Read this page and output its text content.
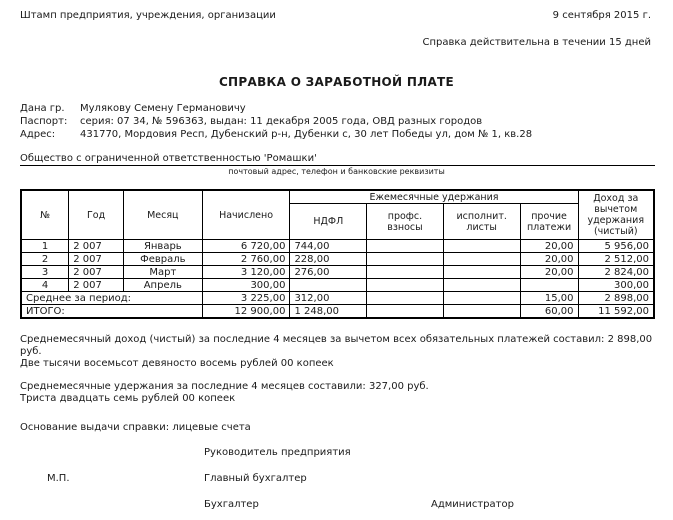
Штамп предприятия, учреждения, организации	9 сентября 2015 г.
Справка действительна в течении 15 дней
СПРАВКА О ЗАРАБОТНОЙ ПЛАТЕ
Дана гр. Мулякову Семену Германовичу
Паспорт: серия: 07 34, № 596363, выдан: 11 декабря 2005 года, ОВД разных городов
Адрес: 431770, Мордовия Респ, Дубенский р-н, Дубенки с, 30 лет Победы ул, дом № 1, кв.28
Общество с ограниченной ответственностью 'Ромашки'
почтовый адрес, телефон и банковские реквизиты
№	Год	Месяц	Начислено	Ежемесячные удержания				Доход за вычетом удержания (чистый)
				НДФЛ	профс. взносы	исполнит. листы	прочие платежи	
1	2 007	Январь	6 720,00	744,00			20,00	5 956,00
2	2 007	Февраль	2 760,00	228,00			20,00	2 512,00
3	2 007	Март	3 120,00	276,00			20,00	2 824,00
4	2 007	Апрель	300,00					300,00
Среднее за период:			3 225,00	312,00			15,00	2 898,00
ИТОГО:			12 900,00	1 248,00			60,00	11 592,00
Среднемесячный доход (чистый) за последние 4 месяцев за вычетом всех обязательных платежей составил: 2 898,00
руб.
Две тысячи восемьсот девяносто восемь рублей 00 копеек
Среднемесячные удержания за последние 4 месяцев составили: 327,00 руб.
Триста двадцать семь рублей 00 копеек
Основание выдачи справки: лицевые счета
Руководитель предприятия
М.П.	Главный бухгалтер
Бухгалтер	Администратор
